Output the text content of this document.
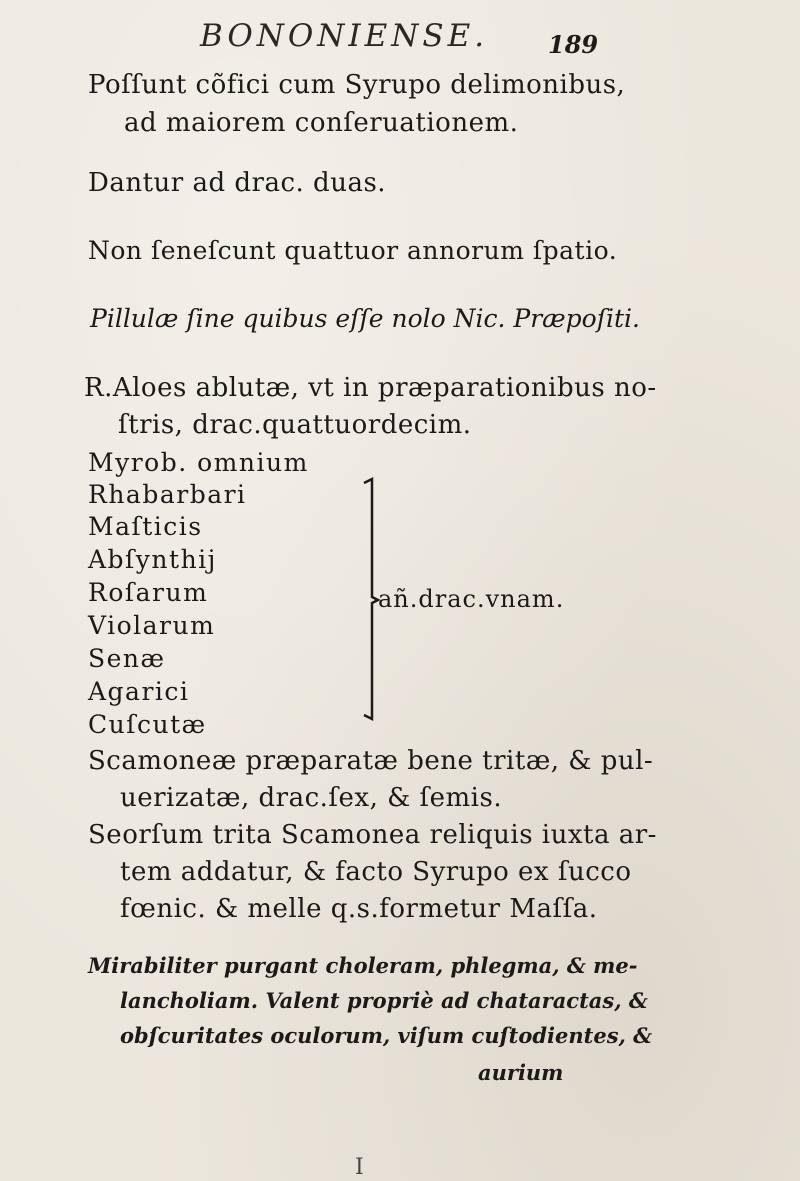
BONONIENSE. 189
Poſſunt cõfici cum Syrupo delimonibus,
ad maiorem conſeruationem.
Dantur ad drac. duas.
Non ſeneſcunt quattuor annorum ſpatio.
Pillulæ ſine quibus eſſe nolo Nic. Præpoſiti.
R.Aloes ablutæ, vt in præparationibus no-
ſtris, drac.quattuordecim.
Myrob. omnium
Rhabarbari
Maſticis
Abſynthij
Roſarum
Violarum
Senæ
Agarici
Cuſcutæ
añ.drac.vnam.
Scamoneæ præparatæ bene tritæ, & pul-
uerizatæ, drac.ſex, & ſemis.
Seorſum trita Scamonea reliquis iuxta ar-
tem addatur, & facto Syrupo ex ſucco
fœnic. & melle q.s.formetur Maſſa.
Mirabiliter purgant choleram, phlegma, & me-
lancholiam. Valent propriè ad chataractas, &
obſcuritates oculorum, viſum cuſtodientes, &
aurium
I
